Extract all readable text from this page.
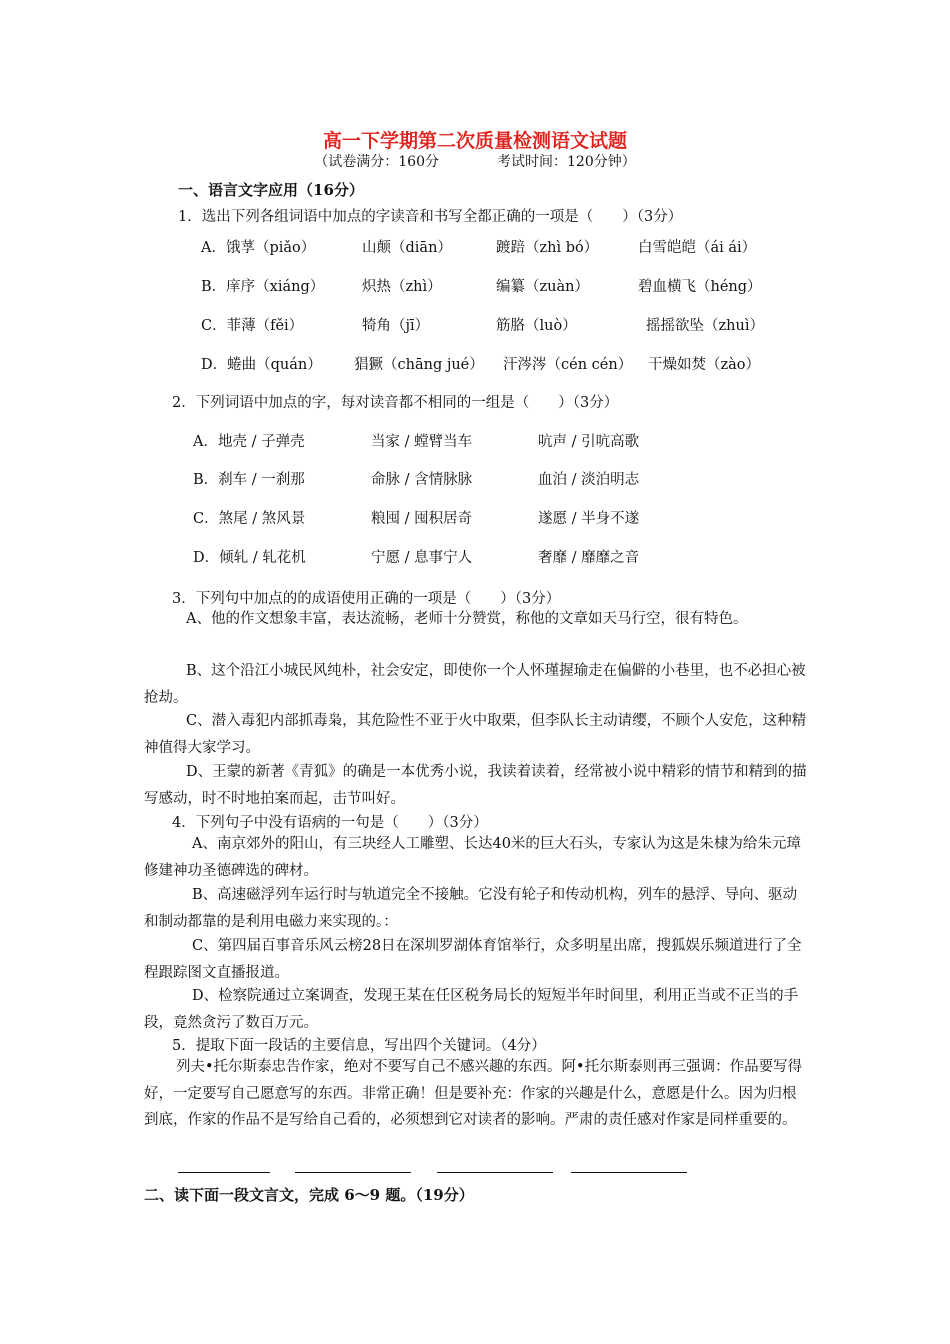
高一下学期第二次质量检测语文试题
（试卷满分：160分	考试时间：120分钟）
一、语言文字应用（16分）
1．选出下列各组词语中加点的字读音和书写全都正确的一项是（　　）（3分）
A．饿莩（piǎo）	山颠（diān）	踱踣（zhì bó）	白雪皑皑（ái ái）
B．庠序（xiáng）	炽热（zhì）	编纂（zuàn）	碧血横飞（héng）
C．菲薄（fěi）	犄角（jī）	筋胳（luò）	摇摇欲坠（zhuì）
D．蜷曲（quán） 猖獗（chāng jué） 汗涔涔（cén cén） 干燥如焚（zào）
2．下列词语中加点的字，每对读音都不相同的一组是（　　）（3分）
A．地壳 / 子弹壳	当家 / 螳臂当车	吭声 / 引吭高歌
B．刹车 / 一刹那	命脉 / 含情脉脉	血泊 / 淡泊明志
C．煞尾 / 煞风景	粮囤 / 囤积居奇	遂愿 / 半身不遂
D．倾轧 / 轧花机	宁愿 / 息事宁人	奢靡 / 靡靡之音
3．下列句中加点的的成语使用正确的一项是（　　）（3分）
A、他的作文想象丰富，表达流畅，老师十分赞赏，称他的文章如天马行空，很有特色。
B、这个沿江小城民风纯朴，社会安定，即使你一个人怀瑾握瑜走在偏僻的小巷里，也不必担心被抢劫。
C、潜入毒犯内部抓毒枭，其危险性不亚于火中取栗，但李队长主动请缨，不顾个人安危，这种精神值得大家学习。
D、王蒙的新著《青狐》的确是一本优秀小说，我读着读着，经常被小说中精彩的情节和精到的描写感动，时不时地拍案而起，击节叫好。
4．下列句子中没有语病的一句是（　　）（3分）
A、南京郊外的阳山，有三块经人工雕塑、长达40米的巨大石头，专家认为这是朱棣为给朱元璋修建神功圣德碑选的碑材。
B、高速磁浮列车运行时与轨道完全不接触。它没有轮子和传动机构，列车的悬浮、导向、驱动和制动都靠的是利用电磁力来实现的。：
C、第四届百事音乐风云榜28日在深圳罗湖体育馆举行，众多明星出席，搜狐娱乐频道进行了全程跟踪图文直播报道。
D、检察院通过立案调查，发现王某在任区税务局长的短短半年时间里，利用正当或不正当的手段，竟然贪污了数百万元。
5．提取下面一段话的主要信息，写出四个关键词。（4分）
列夫•托尔斯泰忠告作家，绝对不要写自己不感兴趣的东西。阿•托尔斯泰则再三强调：作品要写得好，一定要写自己愿意写的东西。非常正确！但是要补充：作家的兴趣是什么，意愿是什么。因为归根到底，作家的作品不是写给自己看的，必须想到它对读者的影响。严肃的责任感对作家是同样重要的。
二、读下面一段文言文，完成 6～9 题。（19分）
